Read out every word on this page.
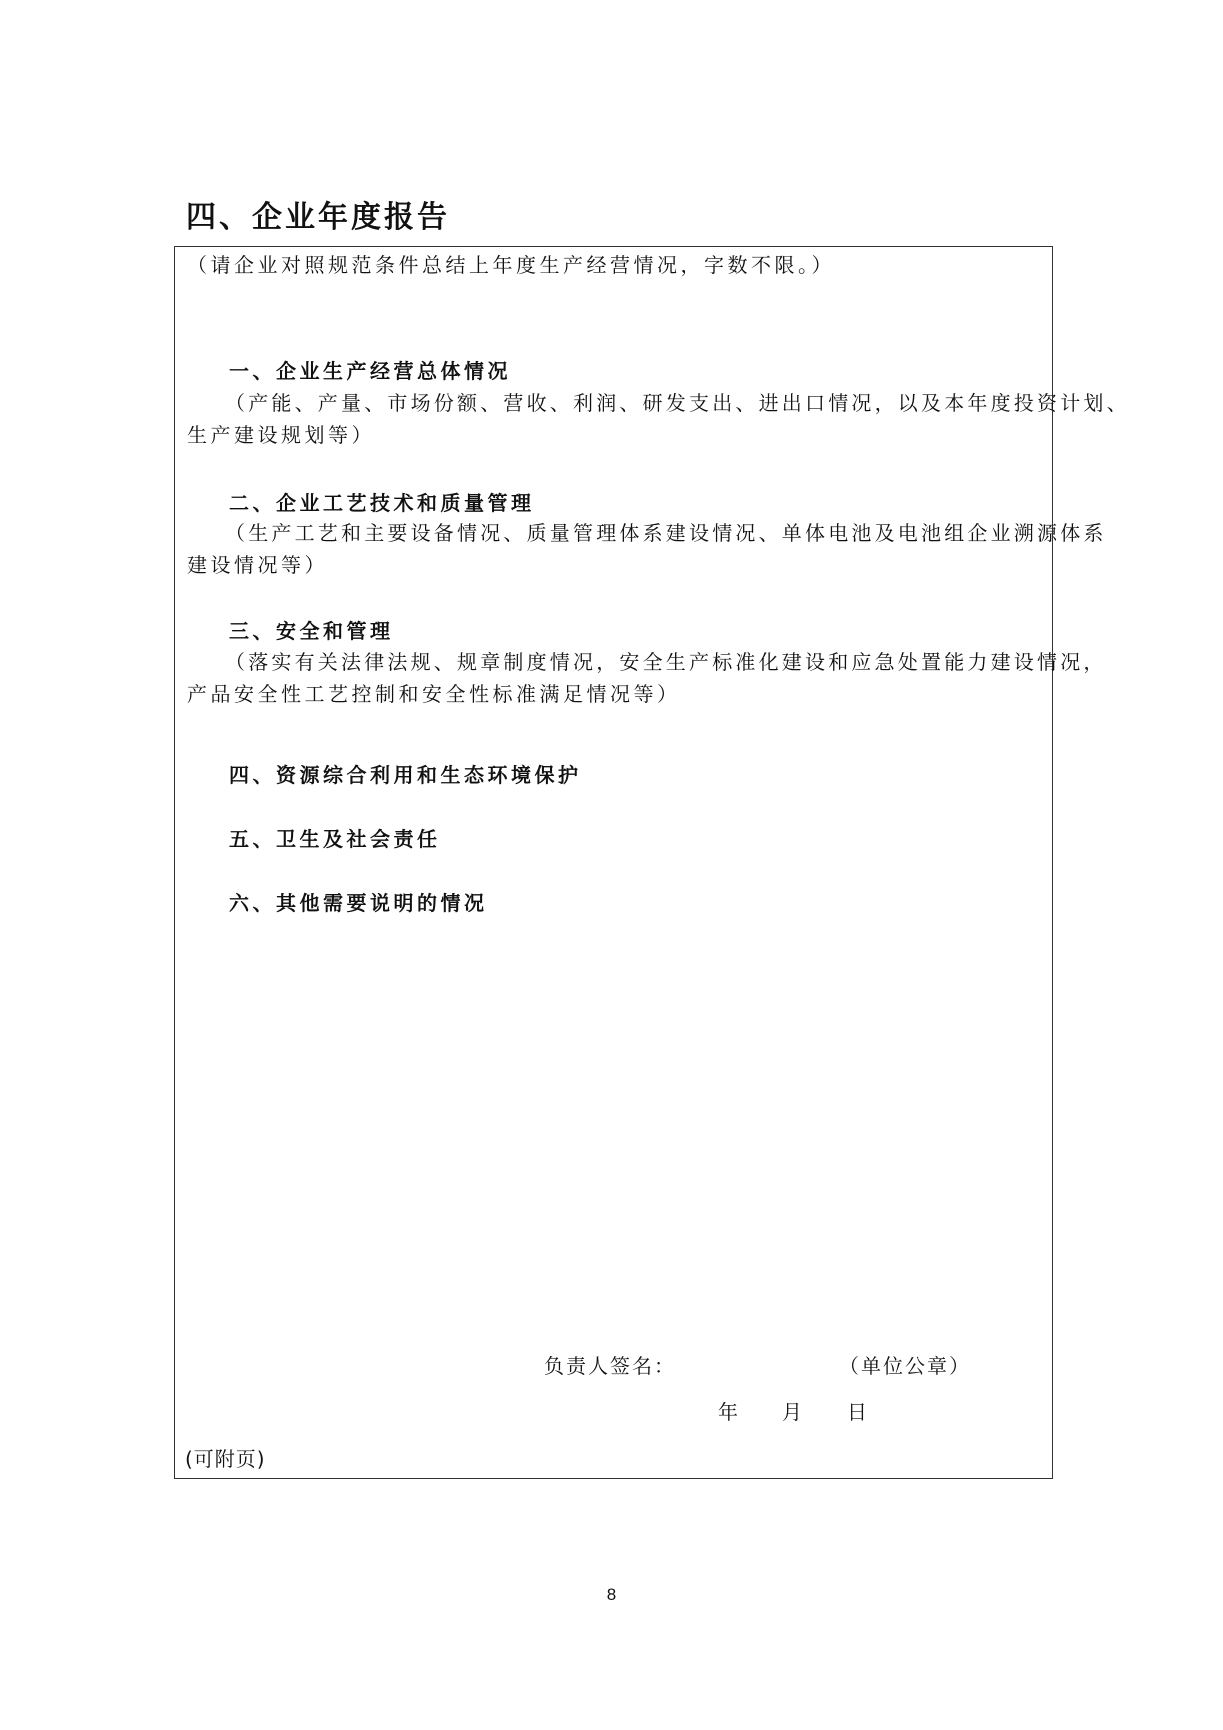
四、企业年度报告
（请企业对照规范条件总结上年度生产经营情况，字数不限。）
一、企业生产经营总体情况
（产能、产量、市场份额、营收、利润、研发支出、进出口情况，以及本年度投资计划、
生产建设规划等）
二、企业工艺技术和质量管理
（生产工艺和主要设备情况、质量管理体系建设情况、单体电池及电池组企业溯源体系
建设情况等）
三、安全和管理
（落实有关法律法规、规章制度情况，安全生产标准化建设和应急处置能力建设情况，
产品安全性工艺控制和安全性标准满足情况等）
四、资源综合利用和生态环境保护
五、卫生及社会责任
六、其他需要说明的情况
负责人签名：	（单位公章）
年 月 日
(可附页)
8
